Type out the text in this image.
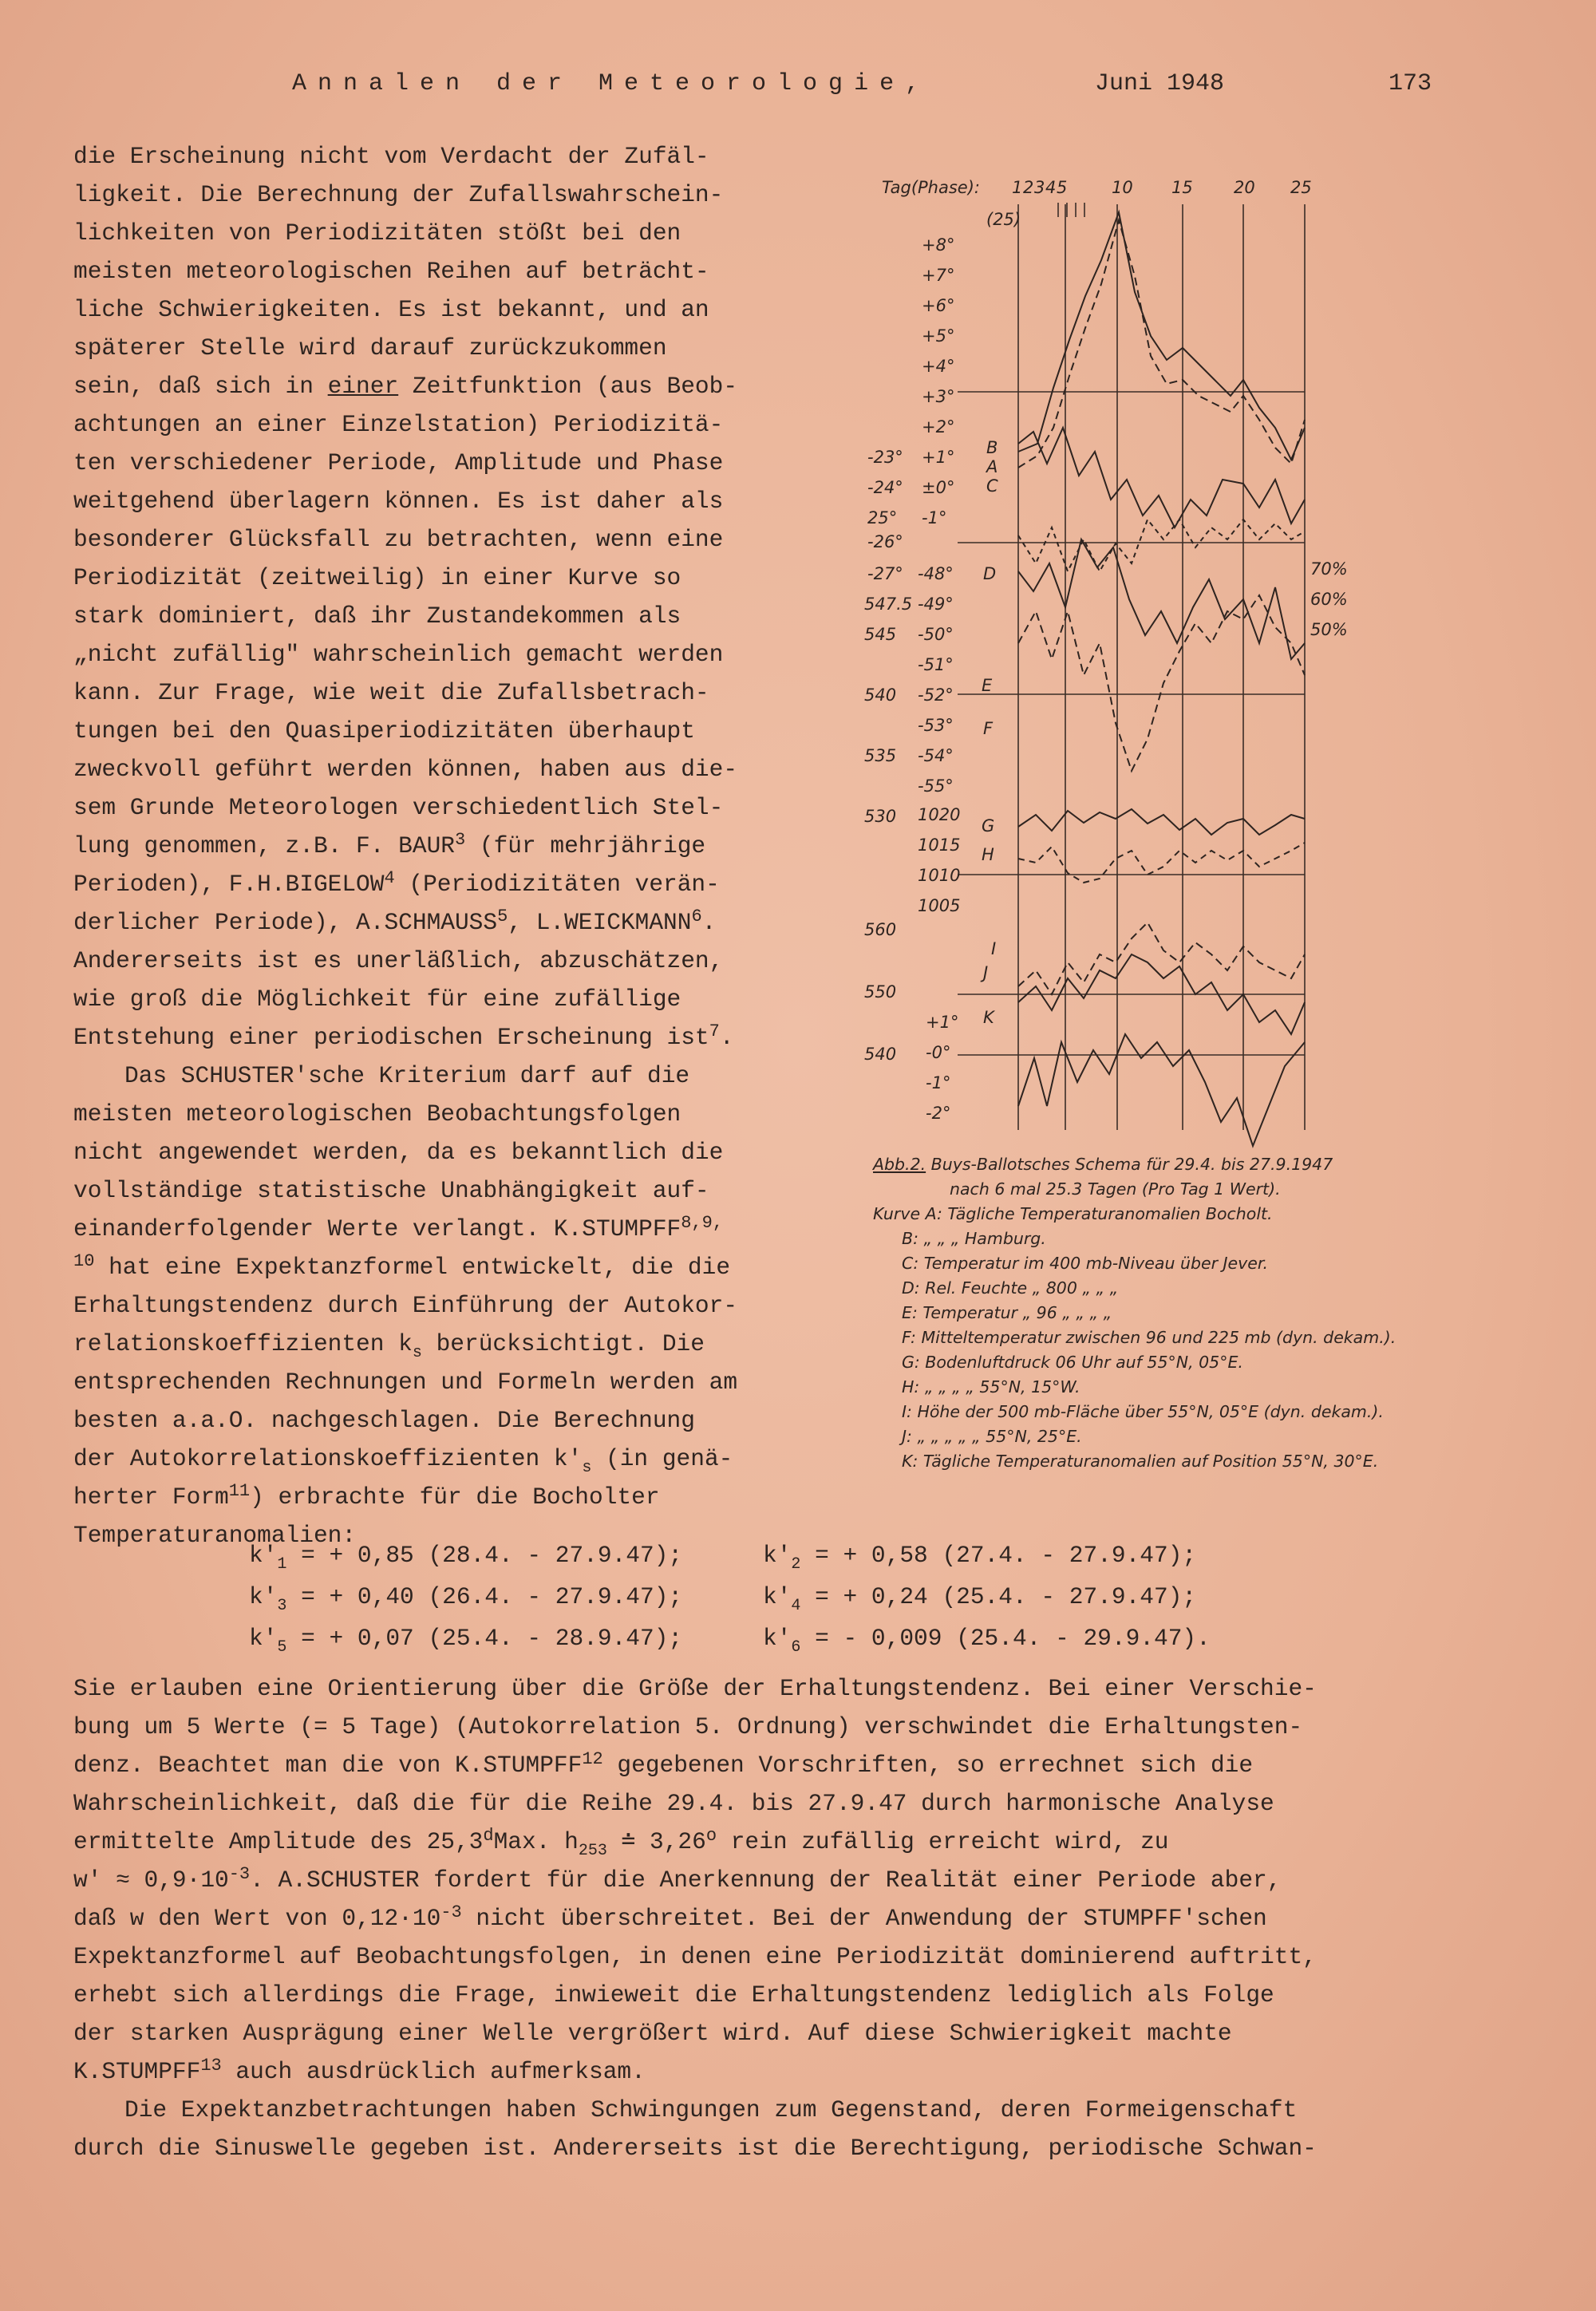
Annalen der Meteorologie,	Juni 1948	173
die Erscheinung nicht vom Verdacht der Zufäl-
ligkeit. Die Berechnung der Zufallswahrschein-
lichkeiten von Periodizitäten stößt bei den
meisten meteorologischen Reihen auf beträcht-
liche Schwierigkeiten. Es ist bekannt, und an
späterer Stelle wird darauf zurückzukommen
sein, daß sich in einer Zeitfunktion (aus Beob-
achtungen an einer Einzelstation) Periodizitä-
ten verschiedener Periode, Amplitude und Phase
weitgehend überlagern können. Es ist daher als
besonderer Glücksfall zu betrachten, wenn eine
Periodizität (zeitweilig) in einer Kurve so
stark dominiert, daß ihr Zustandekommen als
„nicht zufällig" wahrscheinlich gemacht werden
kann. Zur Frage, wie weit die Zufallsbetrach-
tungen bei den Quasiperiodizitäten überhaupt
zweckvoll geführt werden können, haben aus die-
sem Grunde Meteorologen verschiedentlich Stel-
lung genommen, z.B. F. BAUR$^3$ (für mehrjährige
Perioden), F.H.BIGELOW$^4$ (Periodizitäten verän-
derlicher Periode), A.SCHMAUSS$^5$, L.WEICKMANN$^6$.
Andererseits ist es unerläßlich, abzuschätzen,
wie groß die Möglichkeit für eine zufällige
Entstehung einer periodischen Erscheinung ist$^7$.
Das SCHUSTER'sche Kriterium darf auf die
meisten meteorologischen Beobachtungsfolgen
nicht angewendet werden, da es bekanntlich die
vollständige statistische Unabhängigkeit auf-
einanderfolgender Werte verlangt. $K.STUMPFF^{8,9,}$
$^{10}$ hat eine Expektanzformel entwickelt, die die
Erhaltungstendenz durch Einführung der Autokor-
relationskoeffizienten $k_s$ berücksichtigt. Die
entsprechenden Rechnungen und Formeln werden am
besten a.a.O. nachgeschlagen. Die Berechnung
der Autokorrelationskoeffizienten $k'_s$ (in genä-
herter Form$^{11}$) erbrachte für die Bocholter
Temperaturanomalien:
$k'_1$ = + 0,85 (28.4. - 27.9.47);	$k'_2$ = + 0,58 (27.4. - 27.9.47);
$k'_3$ = + 0,40 (26.4. - 27.9.47);	$k'_4$ = + 0,24 (25.4. - 27.9.47);
$k'_5$ = + 0,07 (25.4. - 28.9.47);	$k'_6$ = - 0,009 (25.4. - 29.9.47).
Sie erlauben eine Orientierung über die Größe der Erhaltungstendenz. Bei einer Verschie-
bung um 5 Werte (= 5 Tage) (Autokorrelation 5. Ordnung) verschwindet die Erhaltungsten-
denz. Beachtet man die von K.STUMPFF$^{12}$ gegebenen Vorschriften, so errechnet sich die
Wahrscheinlichkeit, daß die für die Reihe 29.4. bis 27.9.47 durch harmonische Analyse
ermittelte Amplitude des 25,3$^d$Max. $h_{253}$ ≐ 3,26$^o$ rein zufällig erreicht wird, zu
$w' \approx 0,9\cdot 10^{-3}$. A.SCHUSTER fordert für die Anerkennung der Realität einer Periode aber,
daß w den Wert von $0,12\cdot 10^{-3}$ nicht überschreitet. Bei der Anwendung der STUMPFF'schen
Expektanzformel auf Beobachtungsfolgen, in denen eine Periodizität dominierend auftritt,
erhebt sich allerdings die Frage, inwieweit die Erhaltungstendenz lediglich als Folge
der starken Ausprägung einer Welle vergrößert wird. Auf diese Schwierigkeit machte
K.STUMPFF$^{13}$ auch ausdrücklich aufmerksam.
Die Expektanzbetrachtungen haben Schwingungen zum Gegenstand, deren Formeigenschaft
durch die Sinuswelle gegeben ist. Andererseits ist die Berechtigung, periodische Schwan-
Tag(Phase): 1 2 3 4 5	10 15 20 25
(25)
+8°
+7°
+6°
+5°
+4°
+3°
+2°
+1°
±0°
-1°
-26°
-23°
-24°
25°
-27°
B
A
C
D
E
F
G
H
I
J
K
-48°
-49°
-50°
-51°
-52°
-53°
-54°
-55°
547.5
545
540
535
530
560
550
540
1020
1015
1010
1005
+1°
-0°
-1°
-2°
70%
60%
50%
Abb.2. Buys-Ballotsches Schema für 29.4. bis 27.9.1947
nach 6 mal 25.3 Tagen (Pro Tag 1 Wert).
Kurve A: Tägliche Temperaturanomalien Bocholt.
B: „ „ „ Hamburg.
C: Temperatur im 400 mb-Niveau über Jever.
D: Rel. Feuchte „ 800 „ „ „
E: Temperatur „ 96 „ „ „ „
F: Mitteltemperatur zwischen 96 und 225 mb (dyn. dekam.).
G: Bodenluftdruck 06 Uhr auf 55°N, 05°E.
H: „ „ „ „ 55°N, 15°W.
I: Höhe der 500 mb-Fläche über 55°N, 05°E (dyn. dekam.).
J: „ „ „ „ „ 55°N, 25°E.
K: Tägliche Temperaturanomalien auf Position 55°N, 30°E.
